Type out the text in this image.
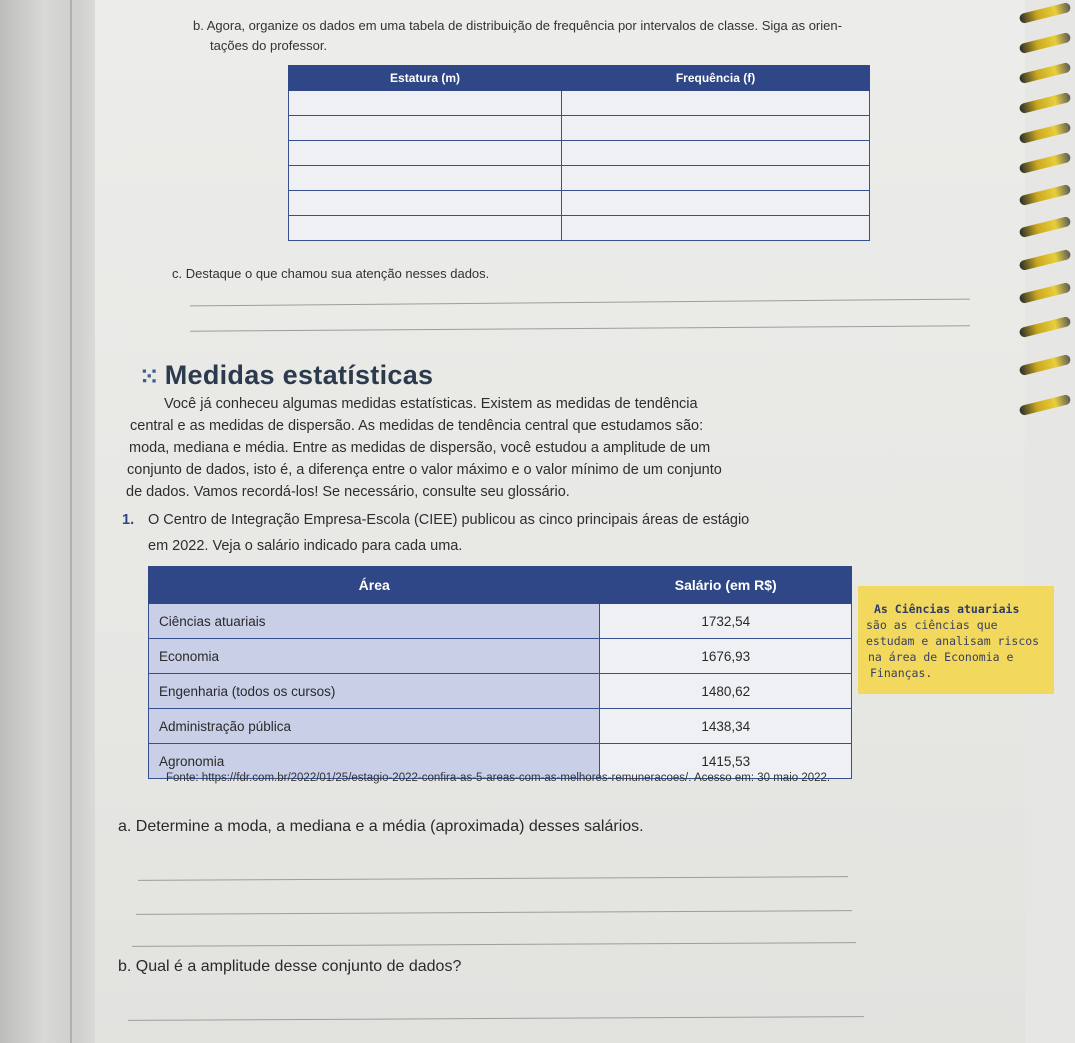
b. Agora, organize os dados em uma tabela de distribuição de frequência por intervalos de classe. Siga as orien-
tações do professor.
Estatura (m)	Frequência (f)

c. Destaque o que chamou sua atenção nesses dados.
⁙ Medidas estatísticas
Você já conheceu algumas medidas estatísticas. Existem as medidas de tendência
central e as medidas de dispersão. As medidas de tendência central que estudamos são:
moda, mediana e média. Entre as medidas de dispersão, você estudou a amplitude de um
conjunto de dados, isto é, a diferença entre o valor máximo e o valor mínimo de um conjunto
de dados. Vamos recordá-los! Se necessário, consulte seu glossário.
1. O Centro de Integração Empresa-Escola (CIEE) publicou as cinco principais áreas de estágio
em 2022. Veja o salário indicado para cada uma.
Área	Salário (em R$)
Ciências atuariais	1732,54
Economia	1676,93
Engenharia (todos os cursos)	1480,62
Administração pública	1438,34
Agronomia	1415,53
As Ciências atuariais
são as ciências que
estudam e analisam riscos
na área de Economia e
Finanças.
Fonte: https://fdr.com.br/2022/01/25/estagio-2022-confira-as-5-areas-com-as-melhores-remuneracoes/. Acesso em: 30 maio 2022.
a. Determine a moda, a mediana e a média (aproximada) desses salários.
b. Qual é a amplitude desse conjunto de dados?
